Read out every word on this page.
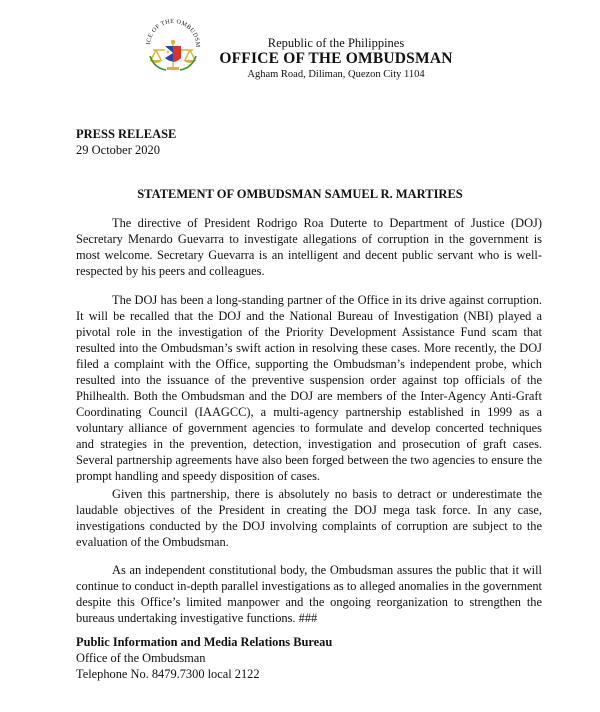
ICE OF THE OMBUDSM	Republic of the Philippines
OFFICE OF THE OMBUDSMAN
Agham Road, Diliman, Quezon City 1104
PRESS RELEASE
29 October 2020
STATEMENT OF OMBUDSMAN SAMUEL R. MARTIRES

The directive of President Rodrigo Roa Duterte to Department of Justice (DOJ) Secretary Menardo Guevarra to investigate allegations of corruption in the government is most welcome. Secretary Guevarra is an intelligent and decent public servant who is well-respected by his peers and colleagues.

The DOJ has been a long-standing partner of the Office in its drive against corruption. It will be recalled that the DOJ and the National Bureau of Investigation (NBI) played a pivotal role in the investigation of the Priority Development Assistance Fund scam that resulted into the Ombudsman’s swift action in resolving these cases. More recently, the DOJ filed a complaint with the Office, supporting the Ombudsman’s independent probe, which resulted into the issuance of the preventive suspension order against top officials of the Philhealth. Both the Ombudsman and the DOJ are members of the Inter-Agency Anti-Graft Coordinating Council (IAAGCC), a multi-agency partnership established in 1999 as a voluntary alliance of government agencies to formulate and develop concerted techniques and strategies in the prevention, detection, investigation and prosecution of graft cases. Several partnership agreements have also been forged between the two agencies to ensure the prompt handling and speedy disposition of cases.

Given this partnership, there is absolutely no basis to detract or underestimate the laudable objectives of the President in creating the DOJ mega task force. In any case, investigations conducted by the DOJ involving complaints of corruption are subject to the evaluation of the Ombudsman.

As an independent constitutional body, the Ombudsman assures the public that it will continue to conduct in-depth parallel investigations as to alleged anomalies in the government despite this Office’s limited manpower and the ongoing reorganization to strengthen the bureaus undertaking investigative functions. ###

Public Information and Media Relations Bureau
Office of the Ombudsman
Telephone No. 8479.7300 local 2122
